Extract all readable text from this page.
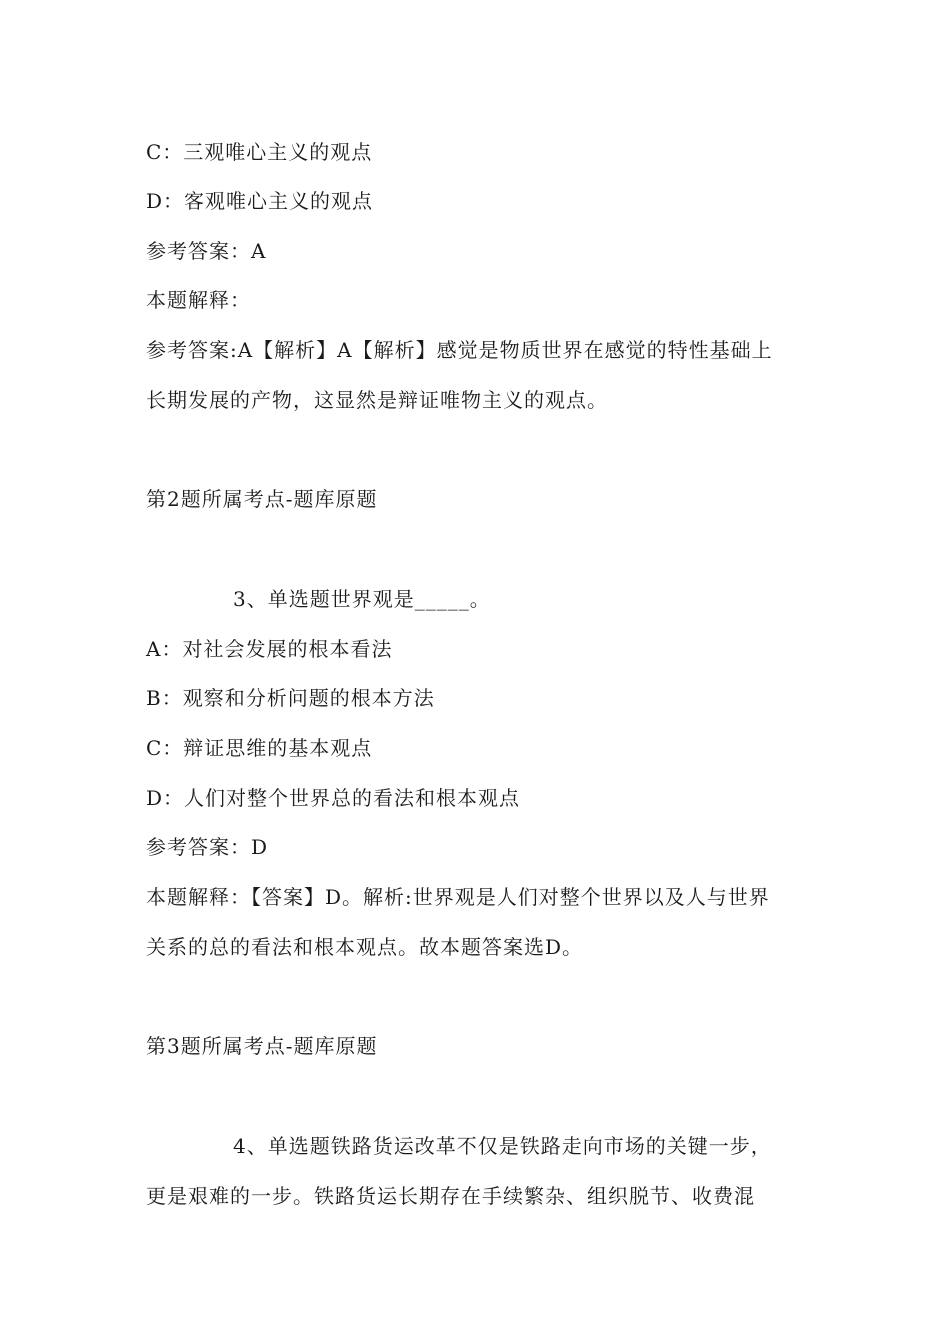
C：三观唯心主义的观点
D：客观唯心主义的观点
参考答案：A
本题解释：
参考答案:A【解析】A【解析】感觉是物质世界在感觉的特性基础上
长期发展的产物，这显然是辩证唯物主义的观点。
第2题所属考点-题库原题
3、单选题世界观是_____。
A：对社会发展的根本看法
B：观察和分析问题的根本方法
C：辩证思维的基本观点
D：人们对整个世界总的看法和根本观点
参考答案：D
本题解释：【答案】D。解析:世界观是人们对整个世界以及人与世界
关系的总的看法和根本观点。故本题答案选D。
第3题所属考点-题库原题
4、单选题铁路货运改革不仅是铁路走向市场的关键一步，
更是艰难的一步。铁路货运长期存在手续繁杂、组织脱节、收费混
